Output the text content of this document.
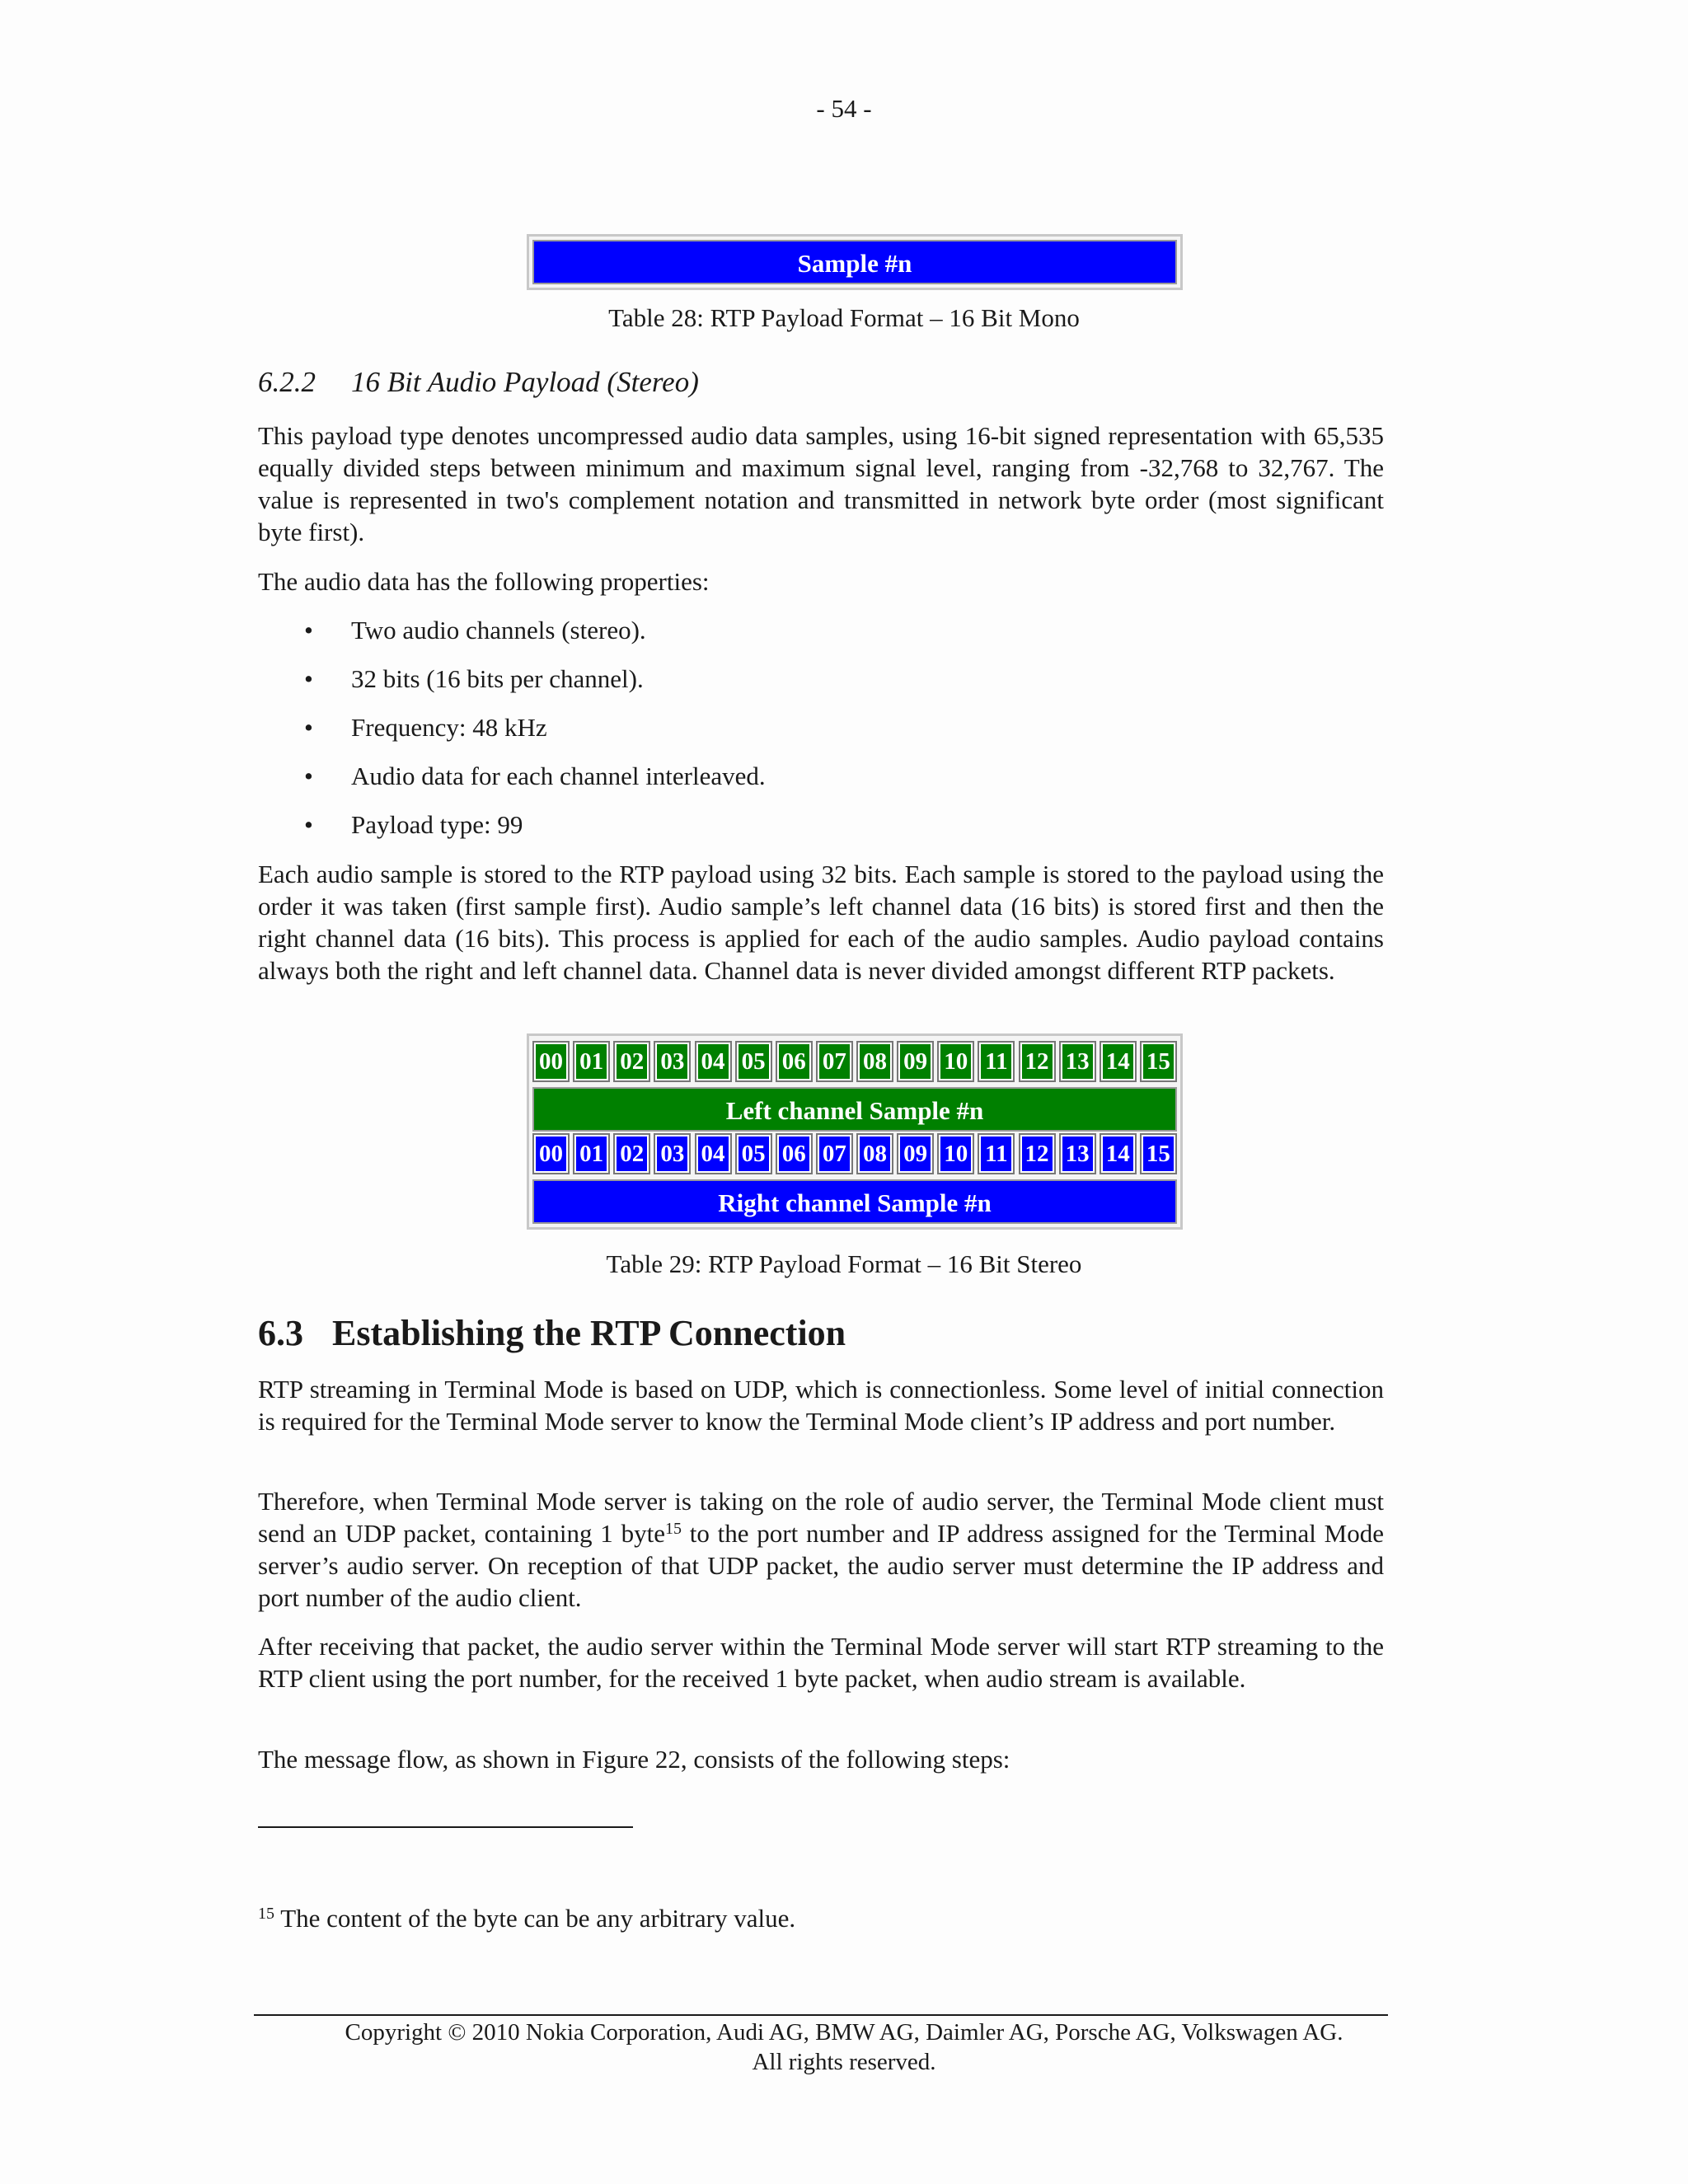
- 54 -
Sample #n
Table 28: RTP Payload Format – 16 Bit Mono
6.2.2 16 Bit Audio Payload (Stereo)

This payload type denotes uncompressed audio data samples, using 16-bit signed representation with 65,535 equally divided steps between minimum and maximum signal level, ranging from -32,768 to 32,767. The value is represented in two's complement notation and transmitted in network byte order (most significant byte first).

The audio data has the following properties:

• Two audio channels (stereo).
• 32 bits (16 bits per channel).
• Frequency: 48 kHz
• Audio data for each channel interleaved.
• Payload type: 99

Each audio sample is stored to the RTP payload using 32 bits. Each sample is stored to the payload using the order it was taken (first sample first). Audio sample’s left channel data (16 bits) is stored first and then the right channel data (16 bits). This process is applied for each of the audio samples. Audio payload contains always both the right and left channel data. Channel data is never divided amongst different RTP packets.

00 01 02 03 04 05 06 07 08 09 10 11 12 13 14 15
Left channel Sample #n
00 01 02 03 04 05 06 07 08 09 10 11 12 13 14 15
Right channel Sample #n
Table 29: RTP Payload Format – 16 Bit Stereo
6.3 Establishing the RTP Connection

RTP streaming in Terminal Mode is based on UDP, which is connectionless. Some level of initial connection is required for the Terminal Mode server to know the Terminal Mode client’s IP address and port number.

Therefore, when Terminal Mode server is taking on the role of audio server, the Terminal Mode client must send an UDP packet, containing 1 byte$^{15}$ to the port number and IP address assigned for the Terminal Mode server’s audio server. On reception of that UDP packet, the audio server must determine the IP address and port number of the audio client.

After receiving that packet, the audio server within the Terminal Mode server will start RTP streaming to the RTP client using the port number, for the received 1 byte packet, when audio stream is available.

The message flow, as shown in Figure 22, consists of the following steps:

$^{15}$ The content of the byte can be any arbitrary value.
Copyright © 2010 Nokia Corporation, Audi AG, BMW AG, Daimler AG, Porsche AG, Volkswagen AG.
All rights reserved.
